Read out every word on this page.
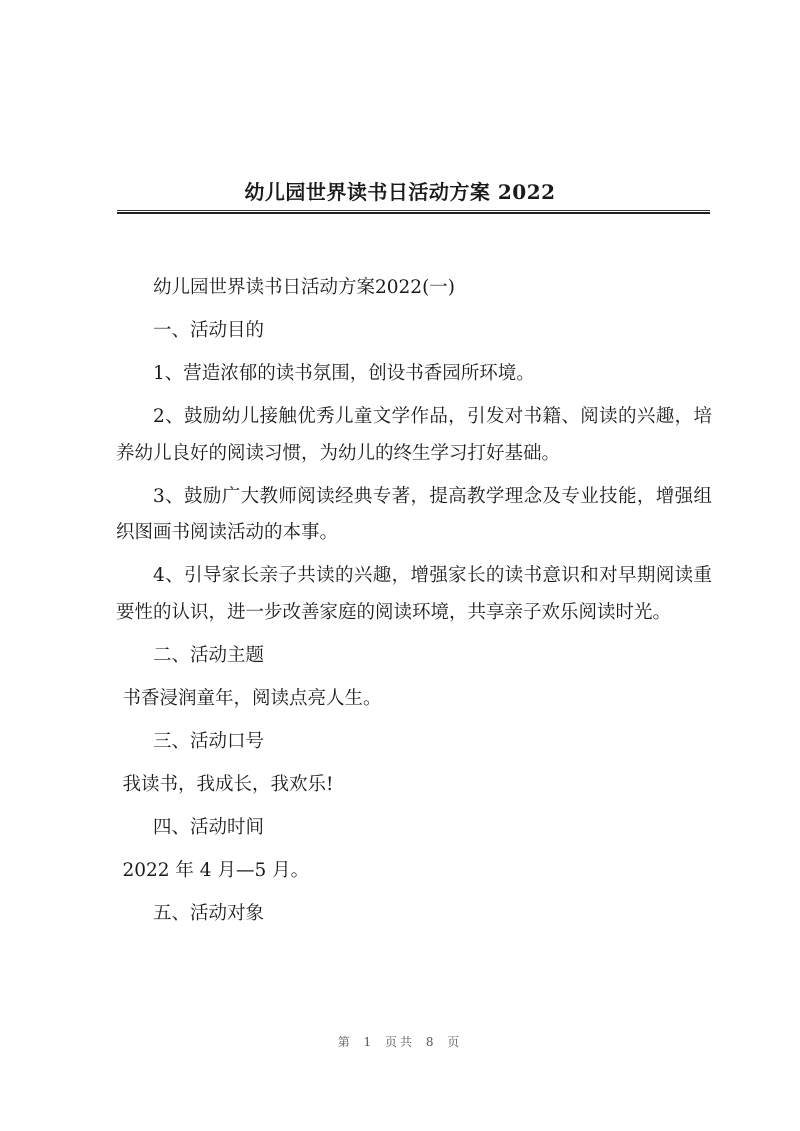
幼儿园世界读书日活动方案 2022

幼儿园世界读书日活动方案2022(一)

一、活动目的

1、营造浓郁的读书氛围，创设书香园所环境。

2、鼓励幼儿接触优秀儿童文学作品，引发对书籍、阅读的兴趣，培养幼儿良好的阅读习惯，为幼儿的终生学习打好基础。

3、鼓励广大教师阅读经典专著，提高教学理念及专业技能，增强组织图画书阅读活动的本事。

4、引导家长亲子共读的兴趣，增强家长的读书意识和对早期阅读重要性的认识，进一步改善家庭的阅读环境，共享亲子欢乐阅读时光。

二、活动主题

书香浸润童年，阅读点亮人生。

三、活动口号

我读书，我成长，我欢乐!

四、活动时间

2022 年 4 月—5 月。

五、活动对象

第 1 页共 8 页
